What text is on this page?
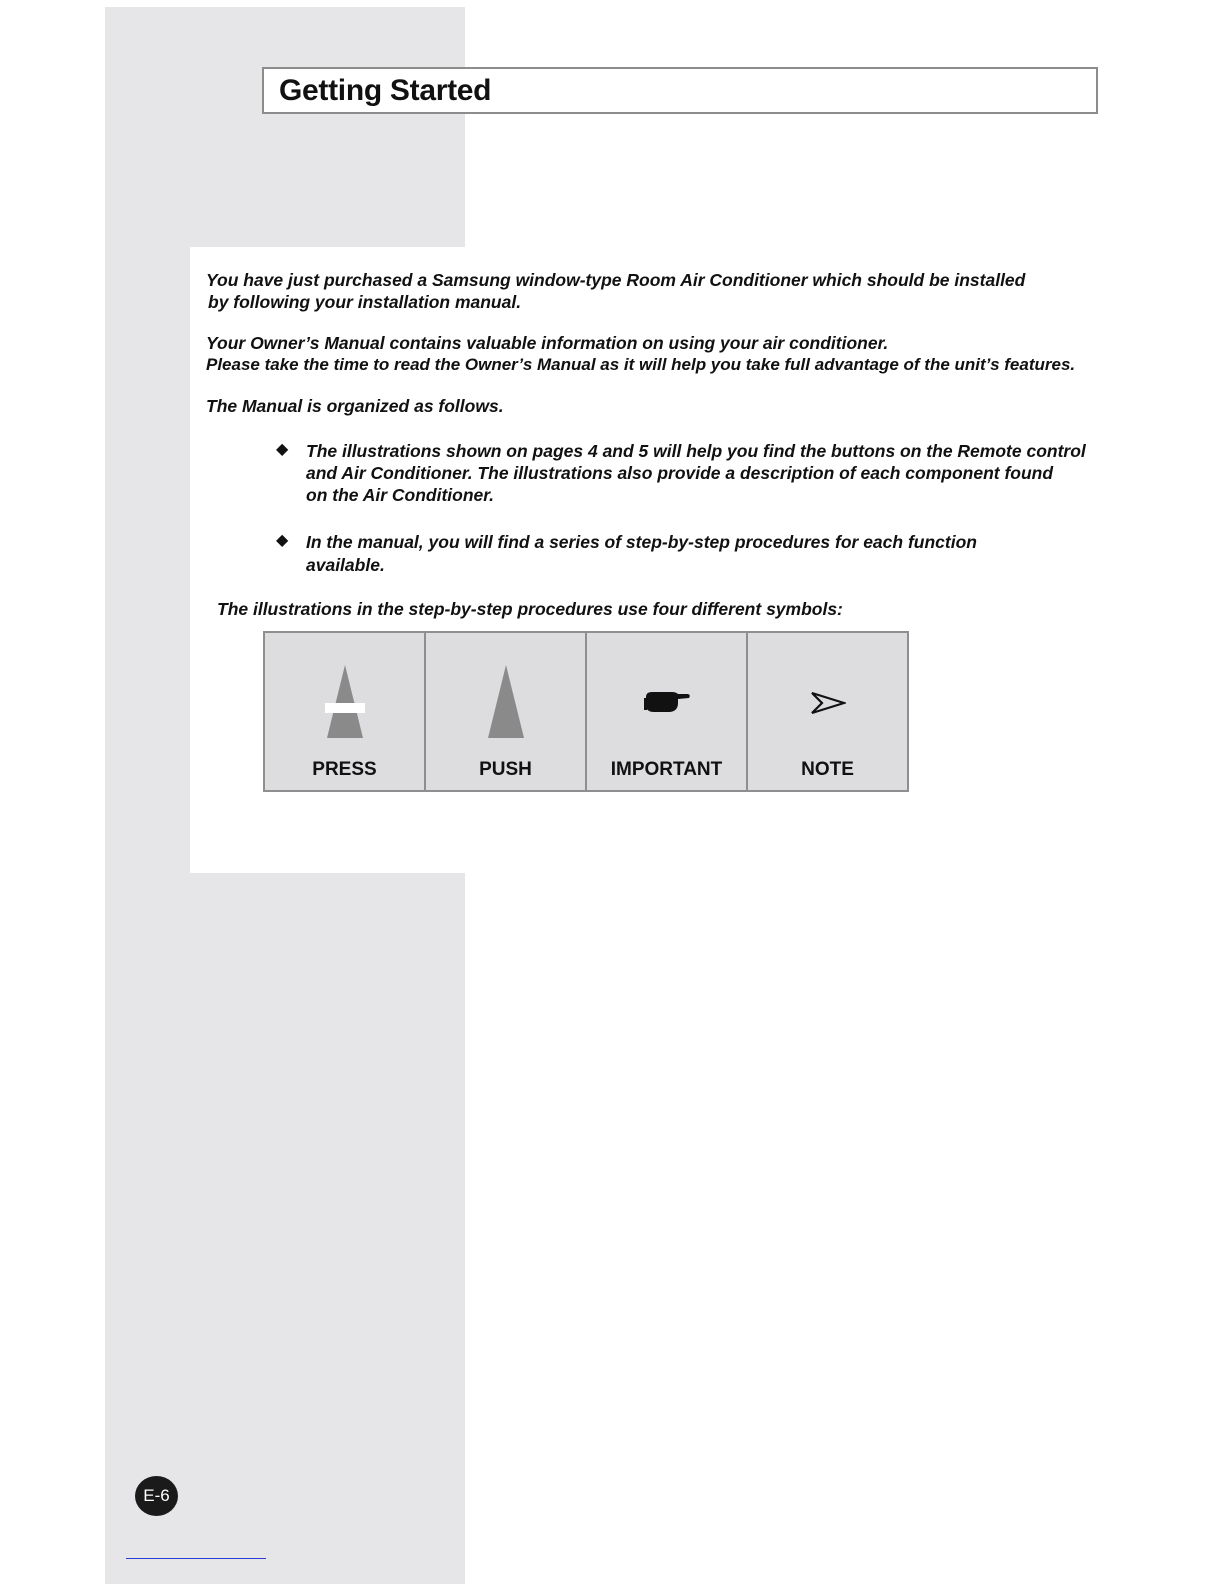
Getting Started

You have just purchased a Samsung window-type Room Air Conditioner which should be installed

by following your installation manual.

Your Owner’s Manual contains valuable information on using your air conditioner.

Please take the time to read the Owner’s Manual as it will help you take full advantage of the unit’s features.

The Manual is organized as follows.

◆ The illustrations shown on pages 4 and 5 will help you find the buttons on the Remote control

and Air Conditioner. The illustrations also provide a description of each component found

on the Air Conditioner.

◆ In the manual, you will find a series of step-by-step procedures for each function

available.

The illustrations in the step-by-step procedures use four different symbols:

PRESS	PUSH	IMPORTANT	NOTE
E-6
